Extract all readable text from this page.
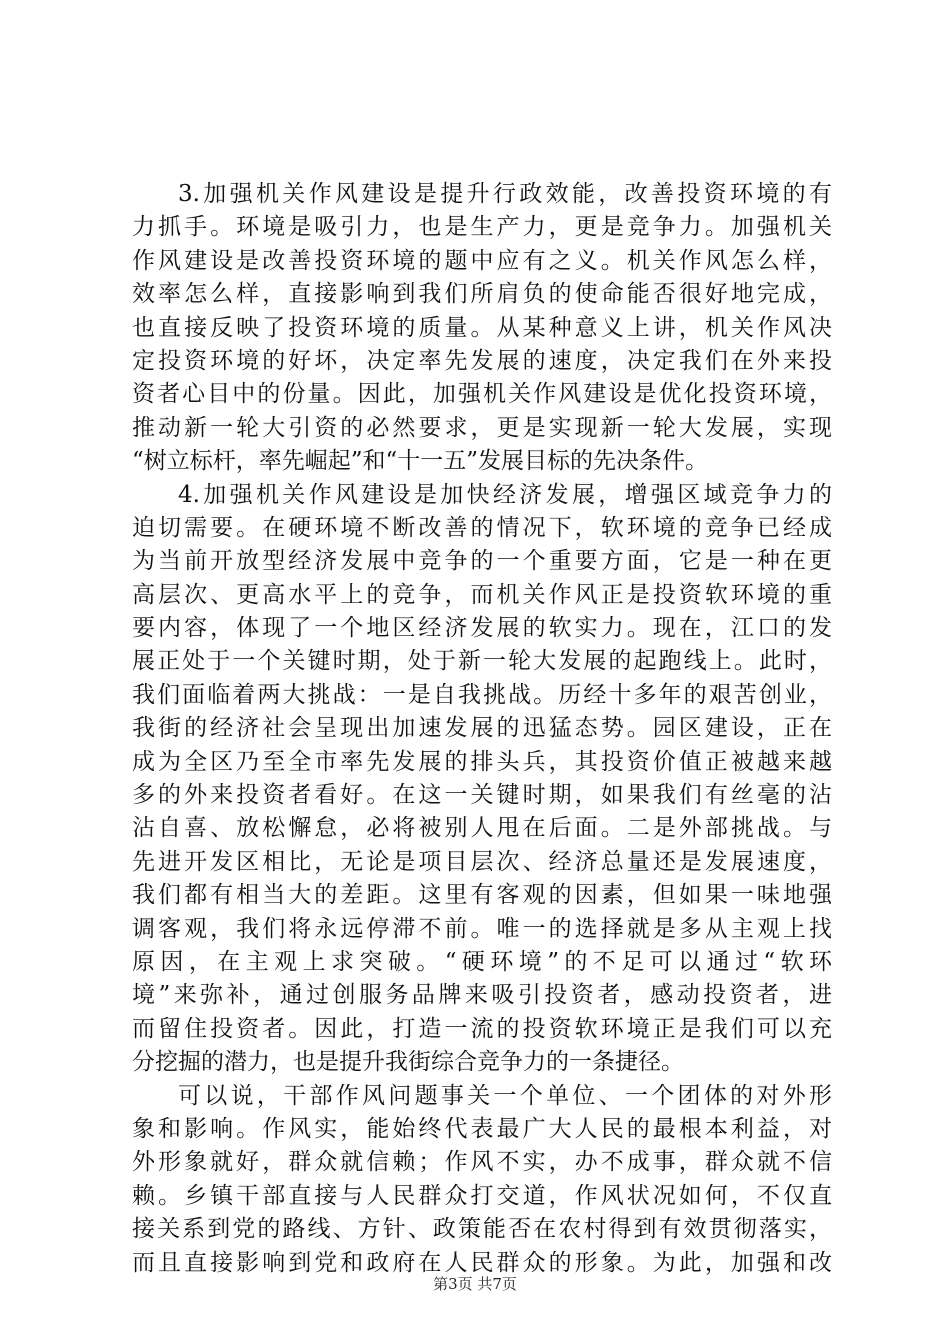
3.加强机关作风建设是提升行政效能，改善投资环境的有
力抓手。环境是吸引力，也是生产力，更是竞争力。加强机关
作风建设是改善投资环境的题中应有之义。机关作风怎么样，
效率怎么样，直接影响到我们所肩负的使命能否很好地完成，
也直接反映了投资环境的质量。从某种意义上讲，机关作风决
定投资环境的好坏，决定率先发展的速度，决定我们在外来投
资者心目中的份量。因此，加强机关作风建设是优化投资环境，
推动新一轮大引资的必然要求，更是实现新一轮大发展，实现
“树立标杆，率先崛起”和“十一五”发展目标的先决条件。
4.加强机关作风建设是加快经济发展，增强区域竞争力的
迫切需要。在硬环境不断改善的情况下，软环境的竞争已经成
为当前开放型经济发展中竞争的一个重要方面，它是一种在更
高层次、更高水平上的竞争，而机关作风正是投资软环境的重
要内容，体现了一个地区经济发展的软实力。现在，江口的发
展正处于一个关键时期，处于新一轮大发展的起跑线上。此时，
我们面临着两大挑战：一是自我挑战。历经十多年的艰苦创业，
我街的经济社会呈现出加速发展的迅猛态势。园区建设，正在
成为全区乃至全市率先发展的排头兵，其投资价值正被越来越
多的外来投资者看好。在这一关键时期，如果我们有丝毫的沾
沾自喜、放松懈怠，必将被别人甩在后面。二是外部挑战。与
先进开发区相比，无论是项目层次、经济总量还是发展速度，
我们都有相当大的差距。这里有客观的因素，但如果一味地强
调客观，我们将永远停滞不前。唯一的选择就是多从主观上找
原因，在主观上求突破。“硬环境”的不足可以通过“软环
境”来弥补，通过创服务品牌来吸引投资者，感动投资者，进
而留住投资者。因此，打造一流的投资软环境正是我们可以充
分挖掘的潜力，也是提升我街综合竞争力的一条捷径。
可以说，干部作风问题事关一个单位、一个团体的对外形
象和影响。作风实，能始终代表最广大人民的最根本利益，对
外形象就好，群众就信赖；作风不实，办不成事，群众就不信
赖。乡镇干部直接与人民群众打交道，作风状况如何，不仅直
接关系到党的路线、方针、政策能否在农村得到有效贯彻落实，
而且直接影响到党和政府在人民群众的形象。为此，加强和改
第3页 共7页
